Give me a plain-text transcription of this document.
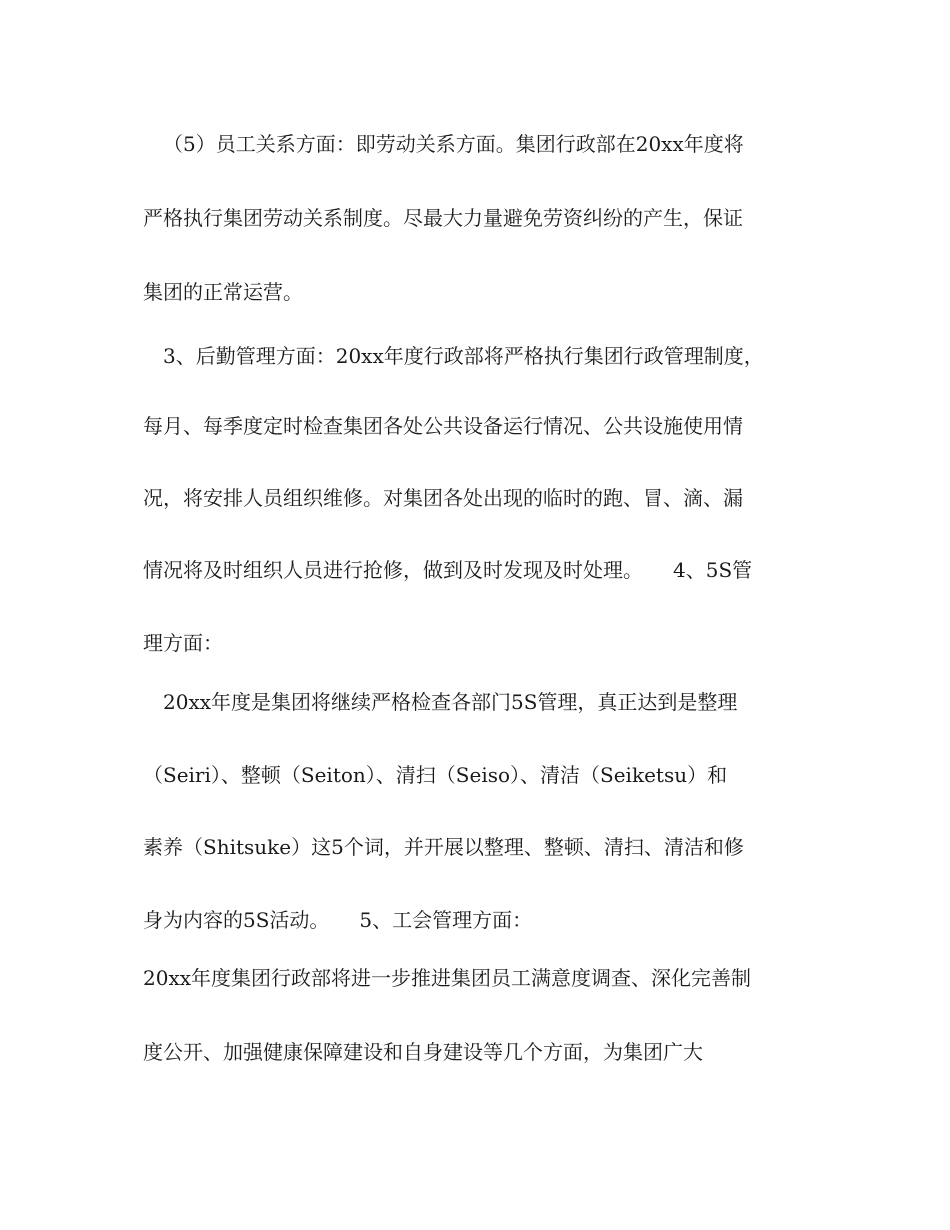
（5）员工关系方面：即劳动关系方面。集团行政部在20xx年度将
严格执行集团劳动关系制度。尽最大力量避免劳资纠纷的产生，保证
集团的正常运营。
3、后勤管理方面：20xx年度行政部将严格执行集团行政管理制度，
每月、每季度定时检查集团各处公共设备运行情况、公共设施使用情
况，将安排人员组织维修。对集团各处出现的临时的跑、冒、滴、漏
情况将及时组织人员进行抢修，做到及时发现及时处理。　　4、5S管
理方面：
20xx年度是集团将继续严格检查各部门5S管理，真正达到是整理
（Seiri）、整顿（Seiton）、清扫（Seiso）、清洁（Seiketsu）和
素养（Shitsuke）这5个词，并开展以整理、整顿、清扫、清洁和修
身为内容的5S活动。　　5、工会管理方面：
20xx年度集团行政部将进一步推进集团员工满意度调查、深化完善制
度公开、加强健康保障建设和自身建设等几个方面，为集团广大
